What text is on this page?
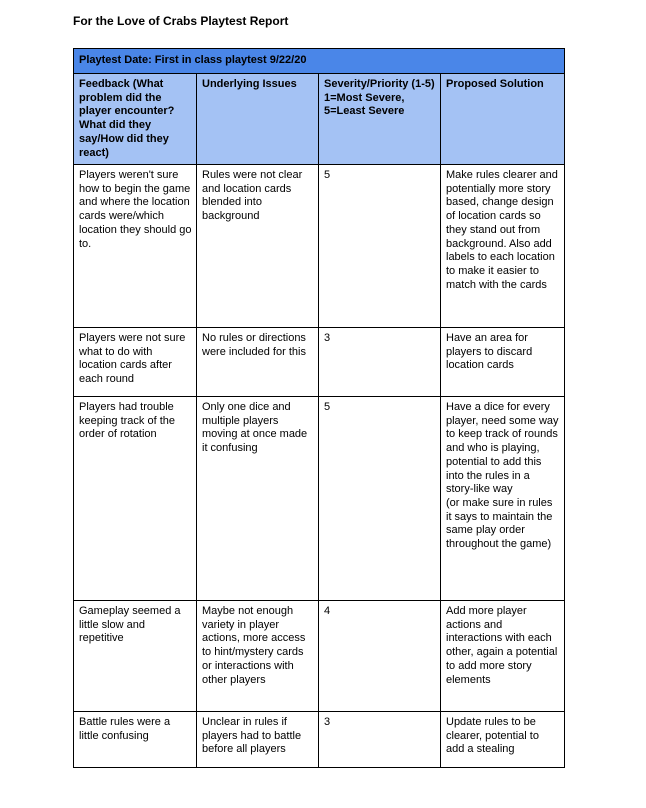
For the Love of Crabs Playtest Report
Playtest Date: First in class playtest 9/22/20			
Feedback (What problem did the player encounter? What did they say/How did they react)	Underlying Issues	Severity/Priority (1-5) 1=Most Severe, 5=Least Severe	Proposed Solution
Players weren't sure how to begin the game and where the location cards were/which location they should go to.	Rules were not clear and location cards blended into background	5	Make rules clearer and potentially more story based, change design of location cards so they stand out from background. Also add labels to each location to make it easier to match with the cards
Players were not sure what to do with location cards after each round	No rules or directions were included for this	3	Have an area for players to discard location cards
Players had trouble keeping track of the order of rotation	Only one dice and multiple players moving at once made it confusing	5	Have a dice for every player, need some way to keep track of rounds and who is playing, potential to add this into the rules in a story-like way
(or make sure in rules it says to maintain the same play order throughout the game)
Gameplay seemed a little slow and repetitive	Maybe not enough variety in player actions, more access to hint/mystery cards or interactions with other players	4	Add more player actions and interactions with each other, again a potential to add more story elements
Battle rules were a little confusing	Unclear in rules if players had to battle before all players	3	Update rules to be clearer, potential to add a stealing
